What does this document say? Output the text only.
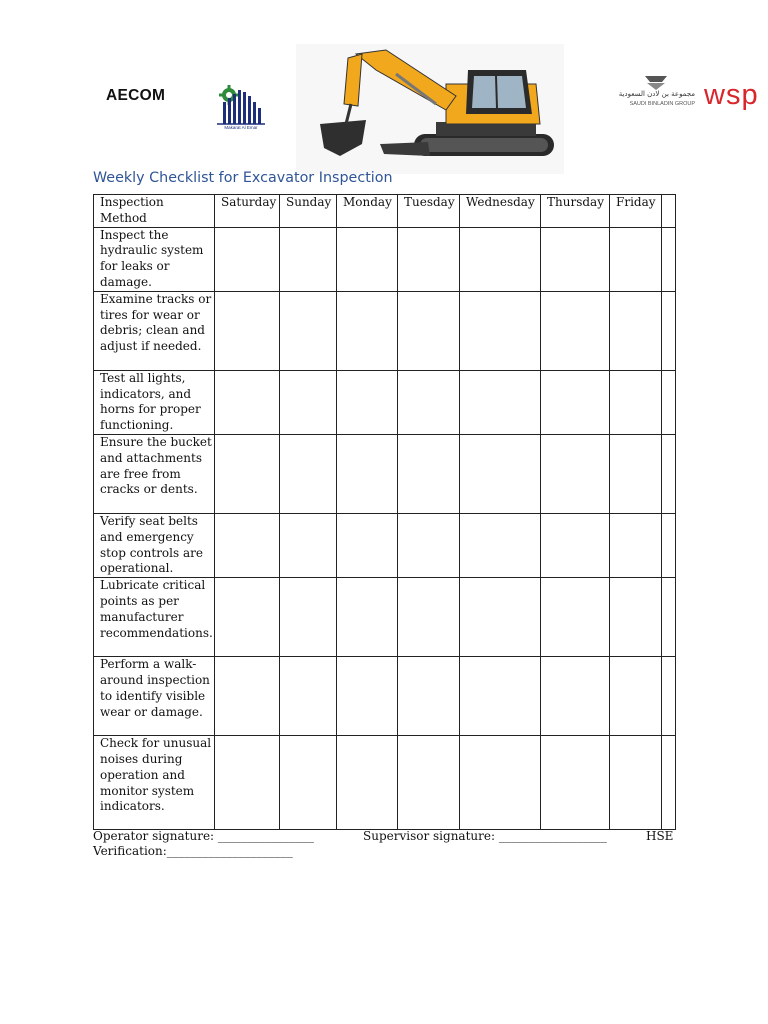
AECOM
Makarat Al Emar
مجموعة بن لادن السعودية
SAUDI BINLADIN GROUP wsp
Weekly Checklist for Excavator Inspection
Inspection Method	Saturday	Sunday	Monday	Tuesday	Wednesday	Thursday	Friday	
Inspect the hydraulic system for leaks or damage.								
Examine tracks or tires for wear or debris; clean and adjust if needed.								
Test all lights, indicators, and horns for proper functioning.								
Ensure the bucket and attachments are free from cracks or dents.								
Verify seat belts and emergency stop controls are operational.								
Lubricate critical points as per manufacturer recommendations.								
Perform a walk-around inspection to identify visible wear or damage.								
Check for unusual noises during operation and monitor system indicators.								
Operator signature: ________________	Supervisor signature: __________________	HSE
Verification:_____________________
